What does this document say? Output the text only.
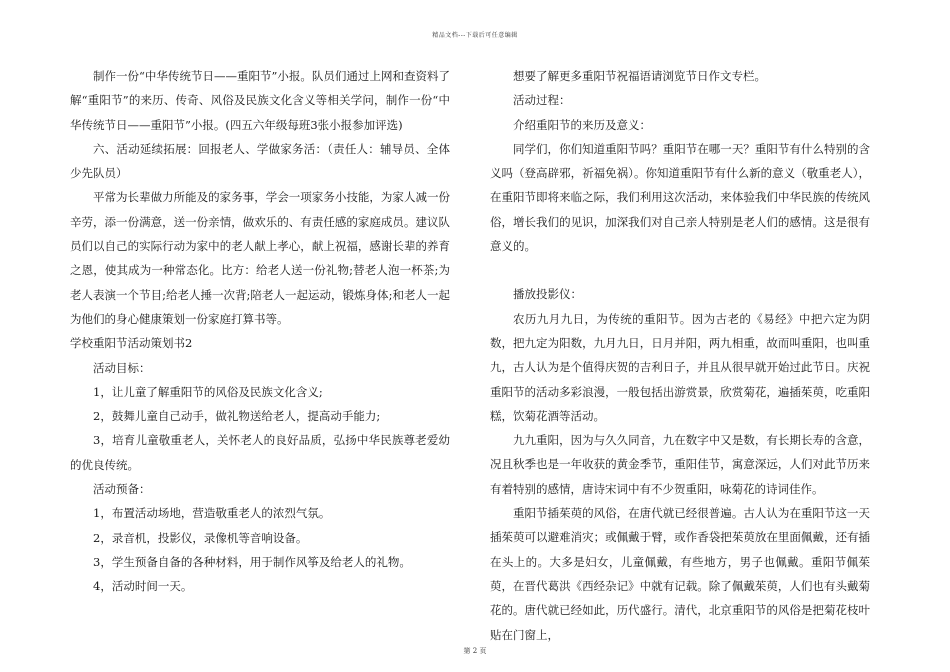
精品文档---下载后可任意编辑

制作一份“中华传统节日——重阳节”小报。队员们通过上网和查资料了解“重阳节”的来历、传奇、风俗及民族文化含义等相关学问，制作一份“中华传统节日——重阳节”小报。(四五六年级每班3张小报参加评选)

六、活动延续拓展：回报老人、学做家务活：（责任人：辅导员、全体少先队员）

平常为长辈做力所能及的家务事，学会一项家务小技能，为家人减一份辛劳，添一份满意，送一份亲情，做欢乐的、有责任感的家庭成员。建议队员们以自己的实际行动为家中的老人献上孝心，献上祝福，感谢长辈的养育之恩，使其成为一种常态化。比方：给老人送一份礼物;替老人泡一杯茶;为老人表演一个节目;给老人捶一次背;陪老人一起运动，锻炼身体;和老人一起为他们的身心健康策划一份家庭打算书等。

学校重阳节活动策划书2

活动目标：

1，让儿童了解重阳节的风俗及民族文化含义;

2，鼓舞儿童自己动手，做礼物送给老人，提高动手能力;

3，培育儿童敬重老人，关怀老人的良好品质，弘扬中华民族尊老爱幼的优良传统。

活动预备：

1，布置活动场地，营造敬重老人的浓烈气氛。

2，录音机，投影仪，录像机等音响设备。

3，学生预备自备的各种材料，用于制作风筝及给老人的礼物。

4，活动时间一天。

想要了解更多重阳节祝福语请浏览节日作文专栏。

活动过程：

介绍重阳节的来历及意义：

同学们，你们知道重阳节吗？重阳节在哪一天？重阳节有什么特别的含义吗（登高辟邪，祈福免祸）。你知道重阳节有什么新的意义（敬重老人），在重阳节即将来临之际，我们利用这次活动，来体验我们中华民族的传统风俗，增长我们的见识，加深我们对自己亲人特别是老人们的感情。这是很有意义的。

播放投影仪：

农历九月九日，为传统的重阳节。因为古老的《易经》中把六定为阴数，把九定为阳数，九月九日，日月并阳，两九相重，故而叫重阳，也叫重九，古人认为是个值得庆贺的吉利日子，并且从很早就开始过此节日。庆祝重阳节的活动多彩浪漫，一般包括出游赏景，欣赏菊花，遍插茱萸，吃重阳糕，饮菊花酒等活动。

九九重阳，因为与久久同音，九在数字中又是数，有长期长寿的含意，况且秋季也是一年收获的黄金季节，重阳佳节，寓意深远，人们对此节历来有着特别的感情，唐诗宋词中有不少贺重阳，咏菊花的诗词佳作。

重阳节插茱萸的风俗，在唐代就已经很普遍。古人认为在重阳节这一天插茱萸可以避难消灾；或佩戴于臂，或作香袋把茱萸放在里面佩戴，还有插在头上的。大多是妇女，儿童佩戴，有些地方，男子也佩戴。重阳节佩茱萸，在晋代葛洪《西经杂记》中就有记载。除了佩戴茱萸，人们也有头戴菊花的。唐代就已经如此，历代盛行。清代，北京重阳节的风俗是把菊花枝叶贴在门窗上，

第 2 页
